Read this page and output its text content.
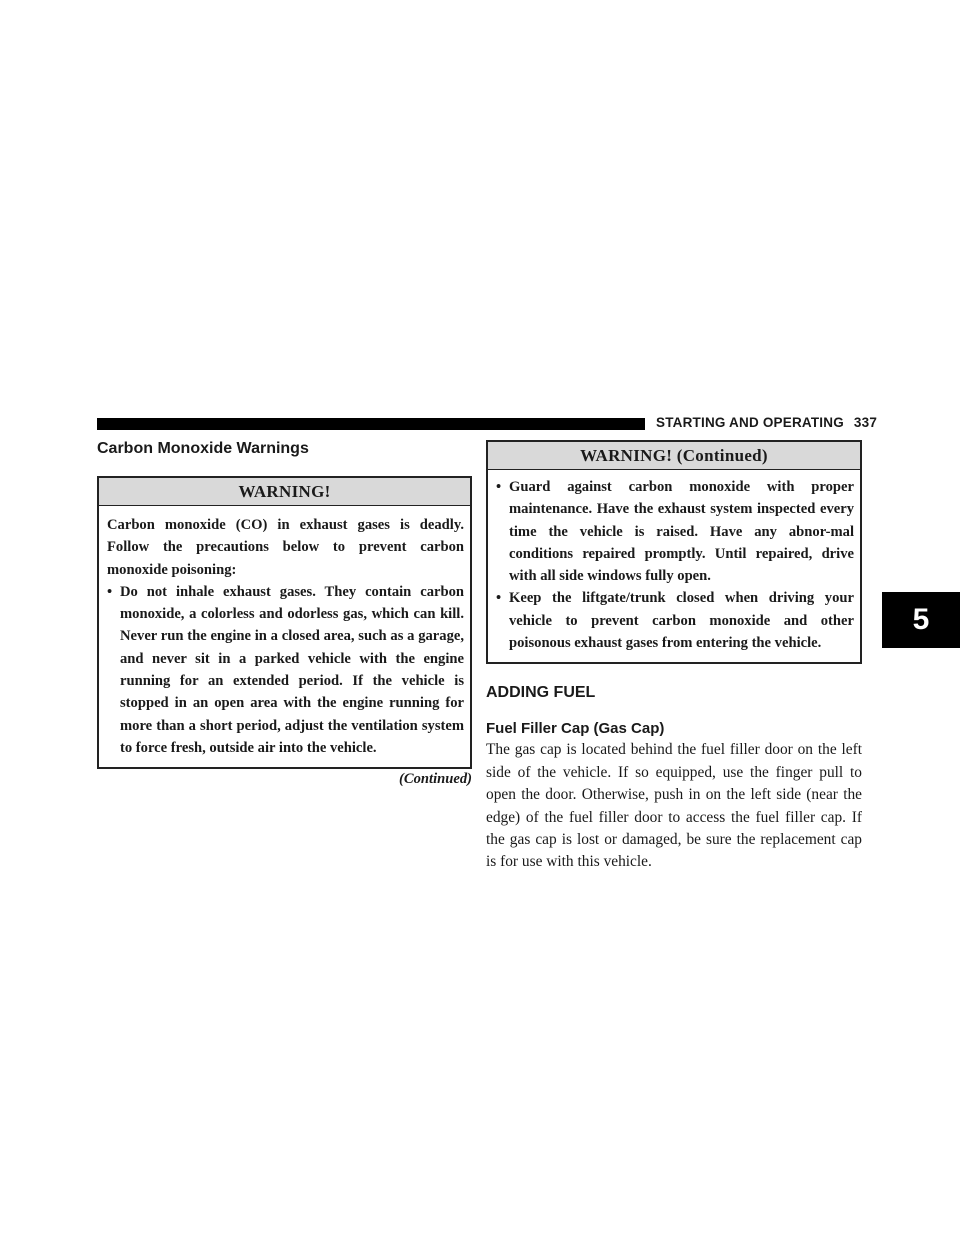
STARTING AND OPERATING 337
Carbon Monoxide Warnings
WARNING!

Carbon monoxide (CO) in exhaust gases is deadly. Follow the precautions below to prevent carbon monoxide poisoning:

• Do not inhale exhaust gases. They contain carbon monoxide, a colorless and odorless gas, which can kill. Never run the engine in a closed area, such as a garage, and never sit in a parked vehicle with the engine running for an extended period. If the vehicle is stopped in an open area with the engine running for more than a short period, adjust the ventilation system to force fresh, outside air into the vehicle.
(Continued)
WARNING! (Continued)
• Guard against carbon monoxide with proper maintenance. Have the exhaust system inspected every time the vehicle is raised. Have any abnor-mal conditions repaired promptly. Until repaired, drive with all side windows fully open.
• Keep the liftgate/trunk closed when driving your vehicle to prevent carbon monoxide and other poisonous exhaust gases from entering the vehicle.
ADDING FUEL
Fuel Filler Cap (Gas Cap)

The gas cap is located behind the fuel filler door on the left side of the vehicle. If so equipped, use the finger pull to open the door. Otherwise, push in on the left side (near the edge) of the fuel filler door to access the fuel filler cap. If the gas cap is lost or damaged, be sure the replacement cap is for use with this vehicle.

5
